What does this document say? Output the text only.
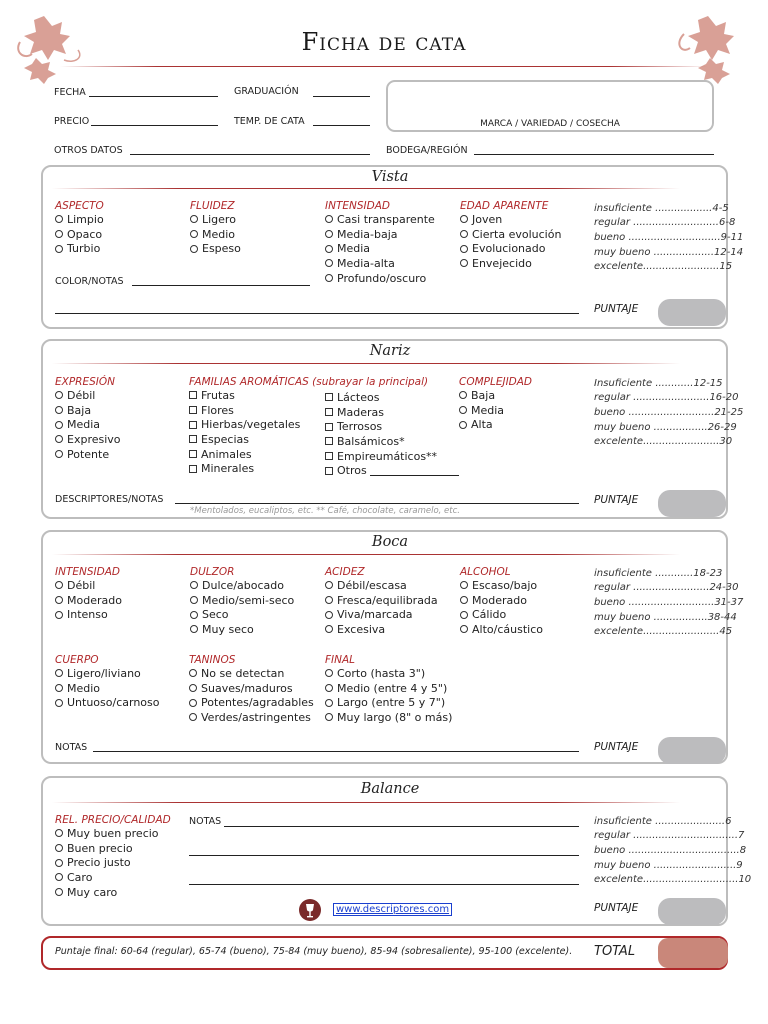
Ficha de cata
FECHA	GRADUACIÓN
PRECIO	TEMP. DE CATA	MARCA / VARIEDAD / COSECHA
OTROS DATOS	BODEGA/REGIÓN
Vista
ASPECTO
Limpio
Opaco
Turbio
FLUIDEZ
Ligero
Medio
Espeso
INTENSIDAD
Casi transparente
Media-baja
Media
Media-alta
Profundo/oscuro
EDAD APARENTE
Joven
Cierta evolución
Evolucionado
Envejecido
insuficiente .................. 4-5
regular ........................... 6-8
bueno ............................. 9-11
muy bueno ................... 12-14
excelente........................ 15
COLOR/NOTAS
PUNTAJE
Nariz
EXPRESIÓN
Débil
Baja
Media
Expresivo
Potente
FAMILIAS AROMÁTICAS (subrayar la principal)
Frutas
Flores
Hierbas/vegetales
Especias
Animales
Minerales
Lácteos
Maderas
Terrosos
Balsámicos*
Empireumáticos**
Otros
COMPLEJIDAD
Baja
Media
Alta
Insuficiente ............ 12-15
regular ........................ 16-20
bueno ........................... 21-25
muy bueno ................. 26-29
excelente........................ 30
DESCRIPTORES/NOTAS
*Mentolados, eucaliptos, etc. ** Café, chocolate, caramelo, etc.
PUNTAJE
Boca
INTENSIDAD
Débil
Moderado
Intenso
DULZOR
Dulce/abocado
Medio/semi-seco
Seco
Muy seco
ACIDEZ
Débil/escasa
Fresca/equilibrada
Viva/marcada
Excesiva
ALCOHOL
Escaso/bajo
Moderado
Cálido
Alto/cáustico
CUERPO
Ligero/liviano
Medio
Untuoso/carnoso
TANINOS
No se detectan
Suaves/maduros
Potentes/agradables
Verdes/astringentes
FINAL
Corto (hasta 3")
Medio (entre 4 y 5")
Largo (entre 5 y 7")
Muy largo (8" o más)
insuficiente ............ 18-23
regular ........................ 24-30
bueno ........................... 31-37
muy bueno ................. 38-44
excelente........................ 45
NOTAS	PUNTAJE
Balance
REL. PRECIO/CALIDAD
Muy buen precio
Buen precio
Precio justo
Caro
Muy caro
NOTAS
www.descriptores.com
insuficiente ...................... 6
regular ................................. 7
bueno ................................... 8
muy bueno .......................... 9
excelente.............................. 10
PUNTAJE
Puntaje final: 60-64 (regular), 65-74 (bueno), 75-84 (muy bueno), 85-94 (sobresaliente), 95-100 (excelente). TOTAL
